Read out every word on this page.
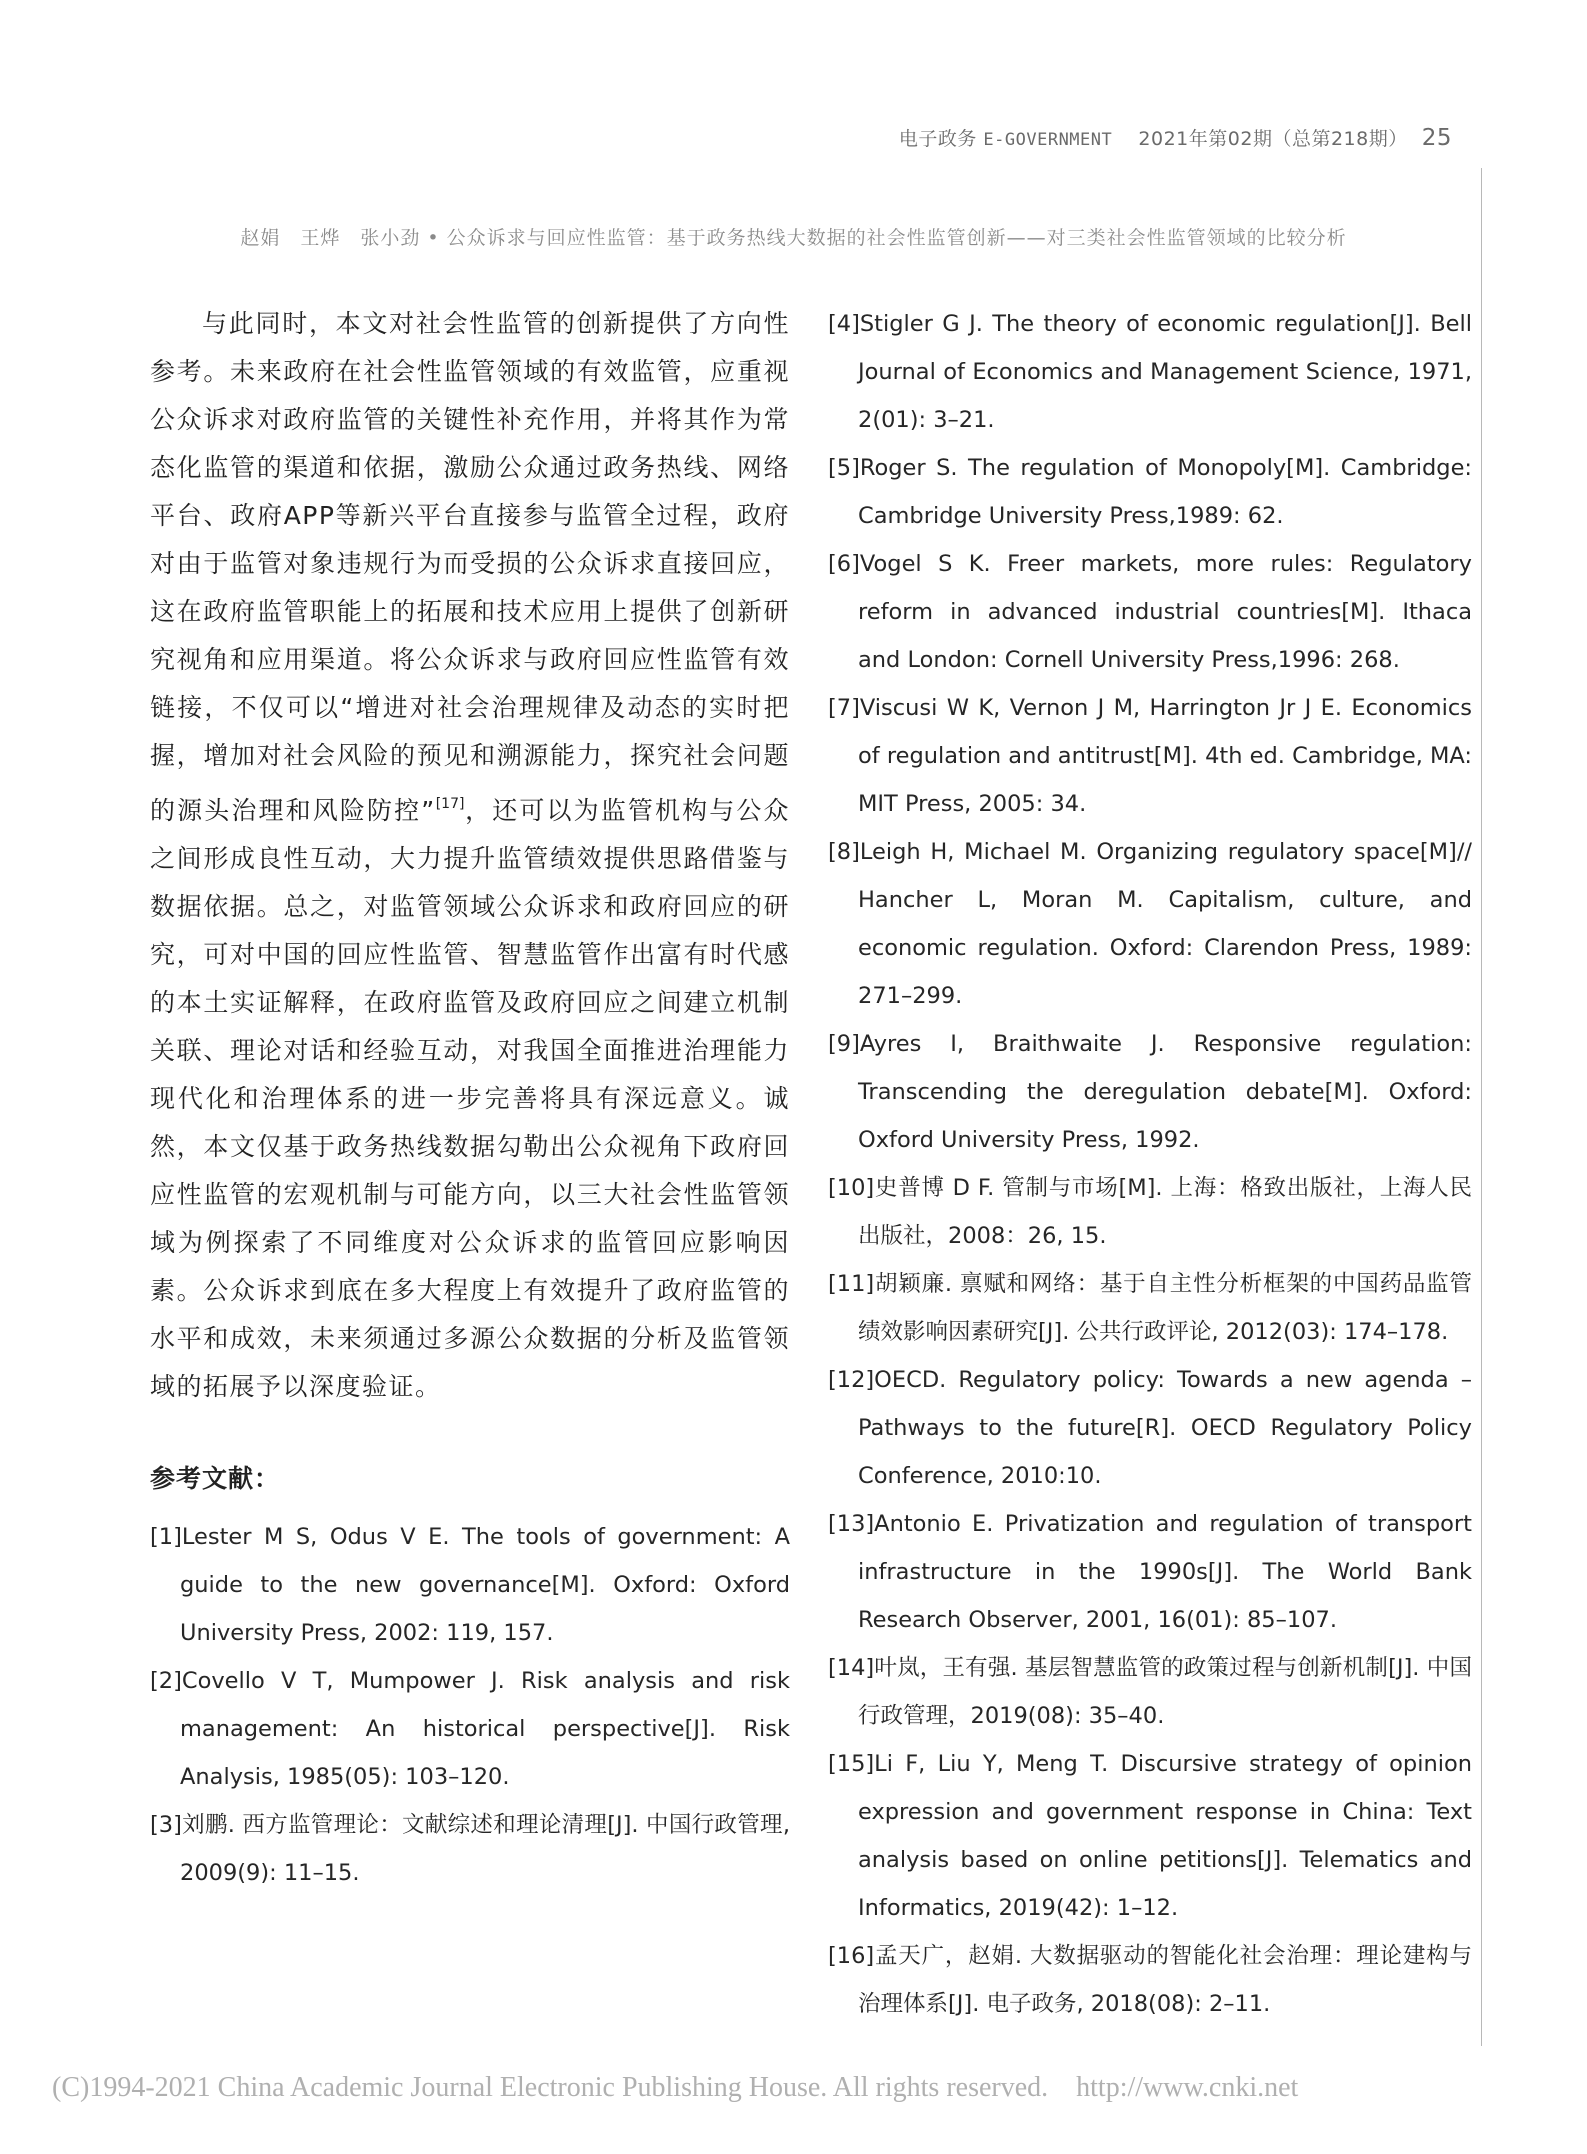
电子政务 E-GOVERNMENT 2021年第02期（总第218期） 25
赵娟　王烨　张小劲 • 公众诉求与回应性监管：基于政务热线大数据的社会性监管创新——对三类社会性监管领域的比较分析

与此同时，本文对社会性监管的创新提供了方向性参考。未来政府在社会性监管领域的有效监管，应重视公众诉求对政府监管的关键性补充作用，并将其作为常态化监管的渠道和依据，激励公众通过政务热线、网络平台、政府APP等新兴平台直接参与监管全过程，政府对由于监管对象违规行为而受损的公众诉求直接回应，这在政府监管职能上的拓展和技术应用上提供了创新研究视角和应用渠道。将公众诉求与政府回应性监管有效链接，不仅可以“增进对社会治理规律及动态的实时把握，增加对社会风险的预见和溯源能力，探究社会问题的源头治理和风险防控”[17]，还可以为监管机构与公众之间形成良性互动，大力提升监管绩效提供思路借鉴与数据依据。总之，对监管领域公众诉求和政府回应的研究，可对中国的回应性监管、智慧监管作出富有时代感的本土实证解释，在政府监管及政府回应之间建立机制关联、理论对话和经验互动，对我国全面推进治理能力现代化和治理体系的进一步完善将具有深远意义。诚然，本文仅基于政务热线数据勾勒出公众视角下政府回应性监管的宏观机制与可能方向，以三大社会性监管领域为例探索了不同维度对公众诉求的监管回应影响因素。公众诉求到底在多大程度上有效提升了政府监管的水平和成效，未来须通过多源公众数据的分析及监管领域的拓展予以深度验证。

参考文献：
[1]Lester M S, Odus V E. The tools of government: A guide to the new governance[M]. Oxford: Oxford University Press, 2002: 119, 157.
[2]Covello V T, Mumpower J. Risk analysis and risk management: An historical perspective[J]. Risk Analysis, 1985(05): 103–120.
[3]刘鹏. 西方监管理论：文献综述和理论清理[J]. 中国行政管理, 2009(9): 11–15.
[4]Stigler G J. The theory of economic regulation[J]. Bell Journal of Economics and Management Science, 1971, 2(01): 3–21.
[5]Roger S. The regulation of Monopoly[M]. Cambridge: Cambridge University Press,1989: 62.
[6]Vogel S K. Freer markets, more rules: Regulatory reform in advanced industrial countries[M]. Ithaca and London: Cornell University Press,1996: 268.
[7]Viscusi W K, Vernon J M, Harrington Jr J E. Economics of regulation and antitrust[M]. 4th ed. Cambridge, MA: MIT Press, 2005: 34.
[8]Leigh H, Michael M. Organizing regulatory space[M]// Hancher L, Moran M. Capitalism, culture, and economic regulation. Oxford: Clarendon Press, 1989: 271–299.
[9]Ayres I, Braithwaite J. Responsive regulation: Transcending the deregulation debate[M]. Oxford: Oxford University Press, 1992.
[10]史普博 D F. 管制与市场[M]. 上海：格致出版社，上海人民出版社，2008：26, 15.
[11]胡颖廉. 禀赋和网络：基于自主性分析框架的中国药品监管绩效影响因素研究[J]. 公共行政评论, 2012(03): 174–178.
[12]OECD. Regulatory policy: Towards a new agenda – Pathways to the future[R]. OECD Regulatory Policy Conference, 2010:10.
[13]Antonio E. Privatization and regulation of transport infrastructure in the 1990s[J]. The World Bank Research Observer, 2001, 16(01): 85–107.
[14]叶岚，王有强. 基层智慧监管的政策过程与创新机制[J]. 中国行政管理，2019(08): 35–40.
[15]Li F, Liu Y, Meng T. Discursive strategy of opinion expression and government response in China: Text analysis based on online petitions[J]. Telematics and Informatics, 2019(42): 1–12.
[16]孟天广，赵娟. 大数据驱动的智能化社会治理：理论建构与治理体系[J]. 电子政务, 2018(08): 2–11.
(C)1994-2021 China Academic Journal Electronic Publishing House. All rights reserved. http://www.cnki.net
